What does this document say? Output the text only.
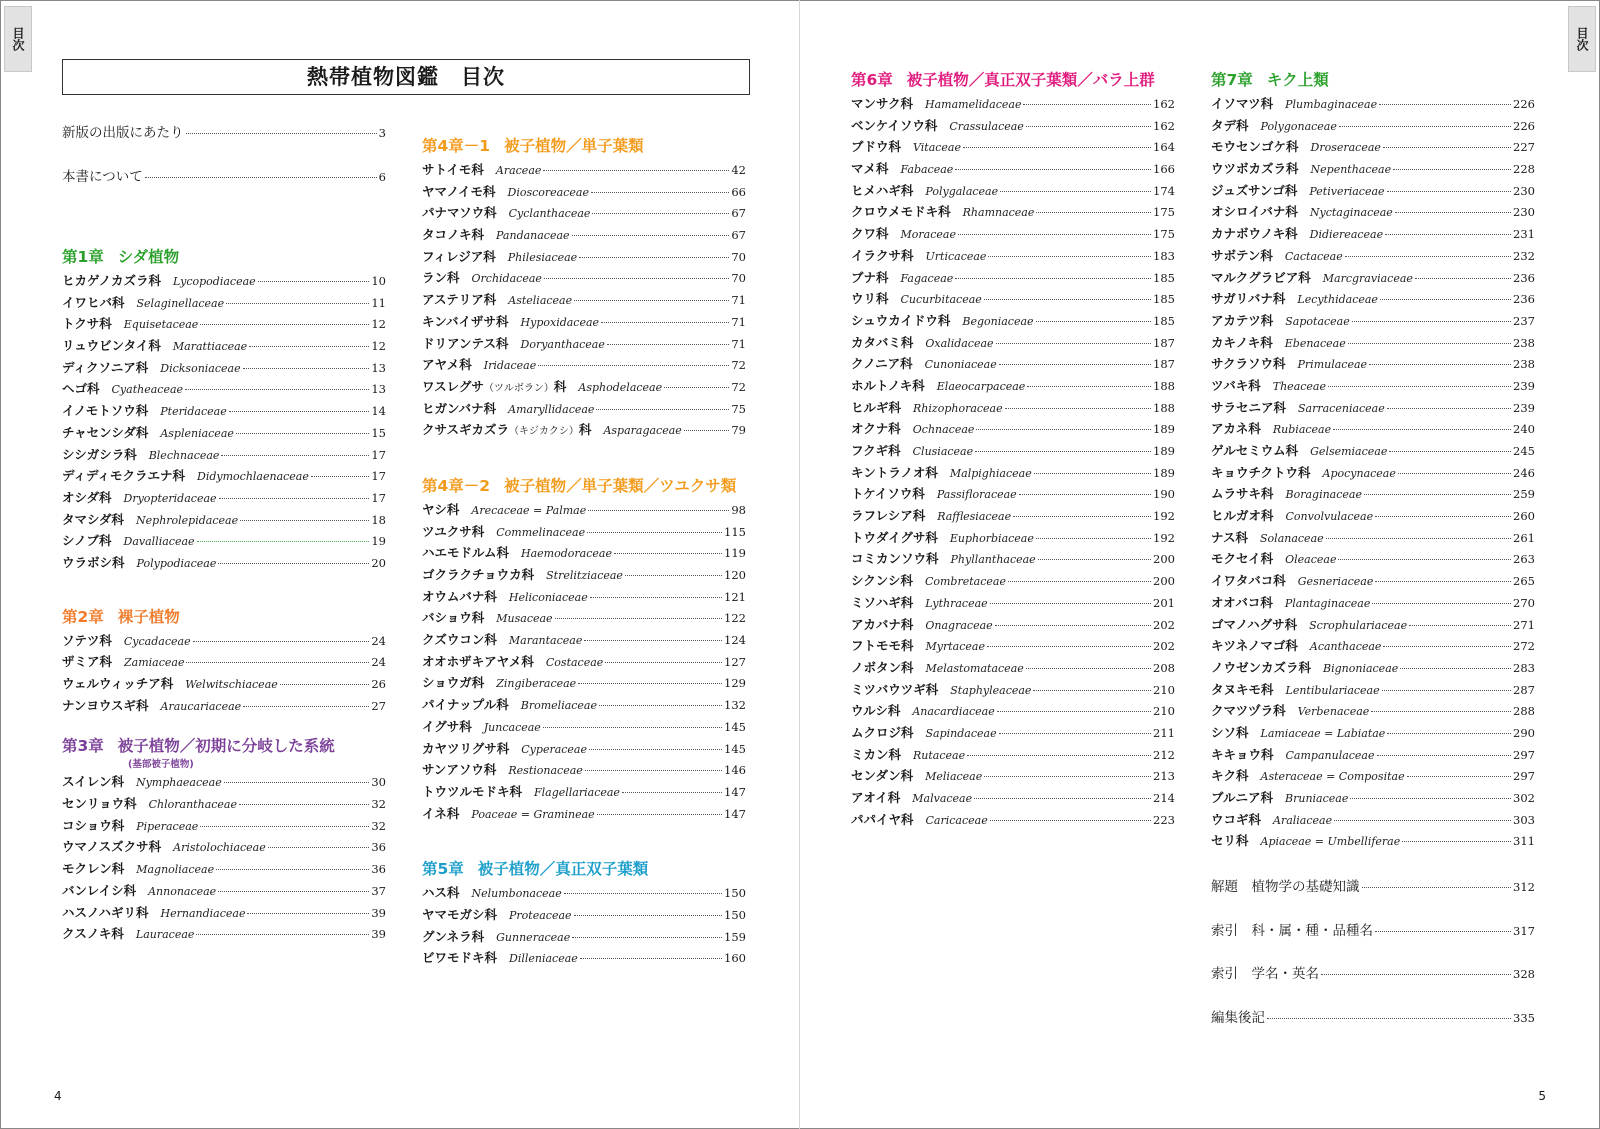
目次	目次
熱帯植物図鑑　目次
新版の出版にあたり	3
本書について	6
第1章 シダ植物
ヒカゲノカズラ科 Lycopodiaceae	10
イワヒバ科 Selaginellaceae	11
トクサ科 Equisetaceae	12
リュウビンタイ科 Marattiaceae	12
ディクソニア科 Dicksoniaceae	13
ヘゴ科 Cyatheaceae	13
イノモトソウ科 Pteridaceae	14
チャセンシダ科 Aspleniaceae	15
シシガシラ科 Blechnaceae	17
ディディモクラエナ科 Didymochlaenaceae	17
オシダ科 Dryopteridaceae	17
タマシダ科 Nephrolepidaceae	18
シノブ科 Davalliaceae	19
ウラボシ科 Polypodiaceae	20
第2章 裸子植物
ソテツ科 Cycadaceae	24
ザミア科 Zamiaceae	24
ウェルウィッチア科 Welwitschiaceae	26
ナンヨウスギ科 Araucariaceae	27
第3章 被子植物／初期に分岐した系統
(基部被子植物)
スイレン科 Nymphaeaceae	30
センリョウ科 Chloranthaceae	32
コショウ科 Piperaceae	32
ウマノスズクサ科 Aristolochiaceae	36
モクレン科 Magnoliaceae	36
バンレイシ科 Annonaceae	37
ハスノハギリ科 Hernandiaceae	39
クスノキ科 Lauraceae	39
第4章－1 被子植物／単子葉類
サトイモ科 Araceae	42
ヤマノイモ科 Dioscoreaceae	66
パナマソウ科 Cyclanthaceae	67
タコノキ科 Pandanaceae	67
フィレジア科 Philesiaceae	70
ラン科 Orchidaceae	70
アステリア科 Asteliaceae	71
キンバイザサ科 Hypoxidaceae	71
ドリアンテス科 Doryanthaceae	71
アヤメ科 Iridaceae	72
ワスレグサ （ツルボラン） 科 Asphodelaceae	72
ヒガンバナ科 Amaryllidaceae	75
クサスギカズラ （キジカクシ） 科 Asparagaceae	79
第4章－2 被子植物／単子葉類／ツユクサ類
ヤシ科 Arecaceae = Palmae	98
ツユクサ科 Commelinaceae	115
ハエモドルム科 Haemodoraceae	119
ゴクラクチョウカ科 Strelitziaceae	120
オウムバナ科 Heliconiaceae	121
バショウ科 Musaceae	122
クズウコン科 Marantaceae	124
オオホザキアヤメ科 Costaceae	127
ショウガ科 Zingiberaceae	129
パイナップル科 Bromeliaceae	132
イグサ科 Juncaceae	145
カヤツリグサ科 Cyperaceae	145
サンアソウ科 Restionaceae	146
トウツルモドキ科 Flagellariaceae	147
イネ科 Poaceae = Gramineae	147
第5章 被子植物／真正双子葉類
ハス科 Nelumbonaceae	150
ヤマモガシ科 Proteaceae	150
グンネラ科 Gunneraceae	159
ビワモドキ科 Dilleniaceae	160
第6章 被子植物／真正双子葉類／バラ上群
マンサク科 Hamamelidaceae	162
ベンケイソウ科 Crassulaceae	162
ブドウ科 Vitaceae	164
マメ科 Fabaceae	166
ヒメハギ科 Polygalaceae	174
クロウメモドキ科 Rhamnaceae	175
クワ科 Moraceae	175
イラクサ科 Urticaceae	183
ブナ科 Fagaceae	185
ウリ科 Cucurbitaceae	185
シュウカイドウ科 Begoniaceae	185
カタバミ科 Oxalidaceae	187
クノニア科 Cunoniaceae	187
ホルトノキ科 Elaeocarpaceae	188
ヒルギ科 Rhizophoraceae	188
オクナ科 Ochnaceae	189
フクギ科 Clusiaceae	189
キントラノオ科 Malpighiaceae	189
トケイソウ科 Passifloraceae	190
ラフレシア科 Rafflesiaceae	192
トウダイグサ科 Euphorbiaceae	192
コミカンソウ科 Phyllanthaceae	200
シクンシ科 Combretaceae	200
ミソハギ科 Lythraceae	201
アカバナ科 Onagraceae	202
フトモモ科 Myrtaceae	202
ノボタン科 Melastomataceae	208
ミツバウツギ科 Staphyleaceae	210
ウルシ科 Anacardiaceae	210
ムクロジ科 Sapindaceae	211
ミカン科 Rutaceae	212
センダン科 Meliaceae	213
アオイ科 Malvaceae	214
パパイヤ科 Caricaceae	223
第7章 キク上類
イソマツ科 Plumbaginaceae	226
タデ科 Polygonaceae	226
モウセンゴケ科 Droseraceae	227
ウツボカズラ科 Nepenthaceae	228
ジュズサンゴ科 Petiveriaceae	230
オシロイバナ科 Nyctaginaceae	230
カナボウノキ科 Didiereaceae	231
サボテン科 Cactaceae	232
マルクグラビア科 Marcgraviaceae	236
サガリバナ科 Lecythidaceae	236
アカテツ科 Sapotaceae	237
カキノキ科 Ebenaceae	238
サクラソウ科 Primulaceae	238
ツバキ科 Theaceae	239
サラセニア科 Sarraceniaceae	239
アカネ科 Rubiaceae	240
ゲルセミウム科 Gelsemiaceae	245
キョウチクトウ科 Apocynaceae	246
ムラサキ科 Boraginaceae	259
ヒルガオ科 Convolvulaceae	260
ナス科 Solanaceae	261
モクセイ科 Oleaceae	263
イワタバコ科 Gesneriaceae	265
オオバコ科 Plantaginaceae	270
ゴマノハグサ科 Scrophulariaceae	271
キツネノマゴ科 Acanthaceae	272
ノウゼンカズラ科 Bignoniaceae	283
タヌキモ科 Lentibulariaceae	287
クマツヅラ科 Verbenaceae	288
シソ科 Lamiaceae = Labiatae	290
キキョウ科 Campanulaceae	297
キク科 Asteraceae = Compositae	297
ブルニア科 Bruniaceae	302
ウコギ科 Araliaceae	303
セリ科 Apiaceae = Umbelliferae	311
解題　植物学の基礎知識	312
索引　科・属・種・品種名	317
索引　学名・英名	328
編集後記	335
4	5
